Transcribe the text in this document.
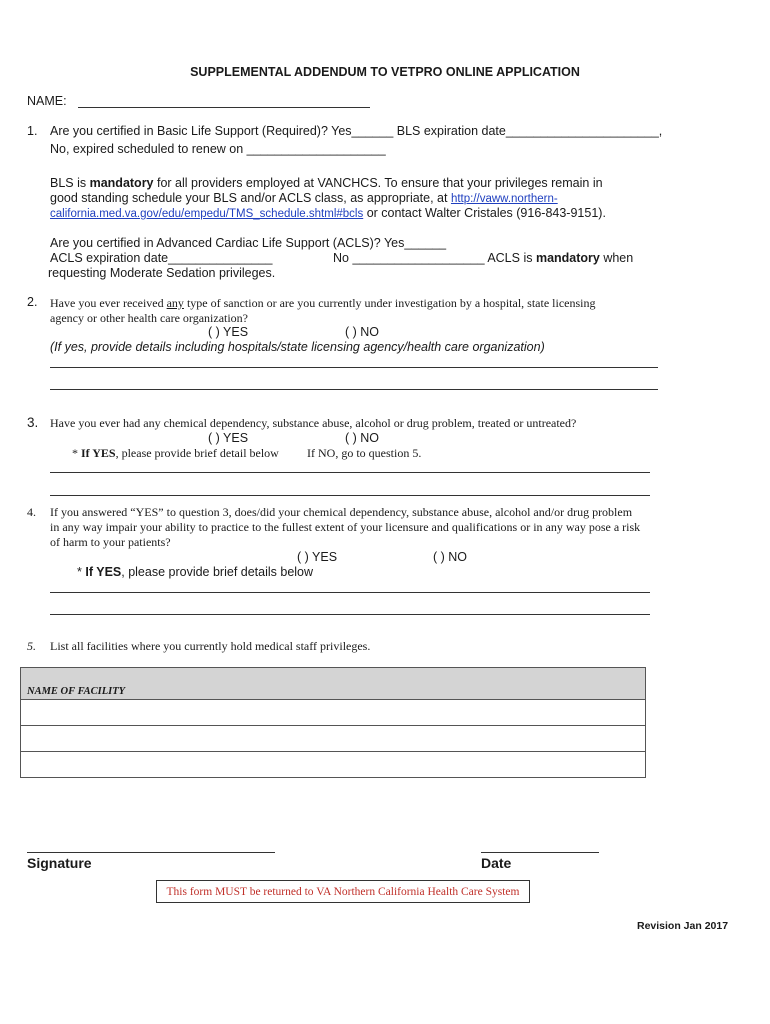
SUPPLEMENTAL ADDENDUM TO VETPRO ONLINE APPLICATION
NAME:
1. Are you certified in Basic Life Support (Required)? Yes______ BLS expiration date______________________,
No, expired scheduled to renew on ____________________
BLS is mandatory for all providers employed at VANCHCS. To ensure that your privileges remain in
good standing schedule your BLS and/or ACLS class, as appropriate, at http://vaww.northern-
california.med.va.gov/edu/empedu/TMS_schedule.shtml#bcls or contact Walter Cristales (916-843-9151).
Are you certified in Advanced Cardiac Life Support (ACLS)? Yes______
ACLS expiration date_______________	No ___________________ ACLS is mandatory when
requesting Moderate Sedation privileges.
2. Have you ever received any type of sanction or are you currently under investigation by a hospital, state licensing
agency or other health care organization?
( ) YES	( ) NO
(If yes, provide details including hospitals/state licensing agency/health care organization)
3. Have you ever had any chemical dependency, substance abuse, alcohol or drug problem, treated or untreated?
( ) YES	( ) NO
* If YES, please provide brief detail below If NO, go to question 5.
4. If you answered “YES” to question 3, does/did your chemical dependency, substance abuse, alcohol and/or drug problem
in any way impair your ability to practice to the fullest extent of your licensure and qualifications or in any way pose a risk
of harm to your patients?
( ) YES	( ) NO
* If YES, please provide brief details below
5. List all facilities where you currently hold medical staff privileges.
NAME OF FACILITY
Signature	Date
This form MUST be returned to VA Northern California Health Care System
Revision Jan 2017
